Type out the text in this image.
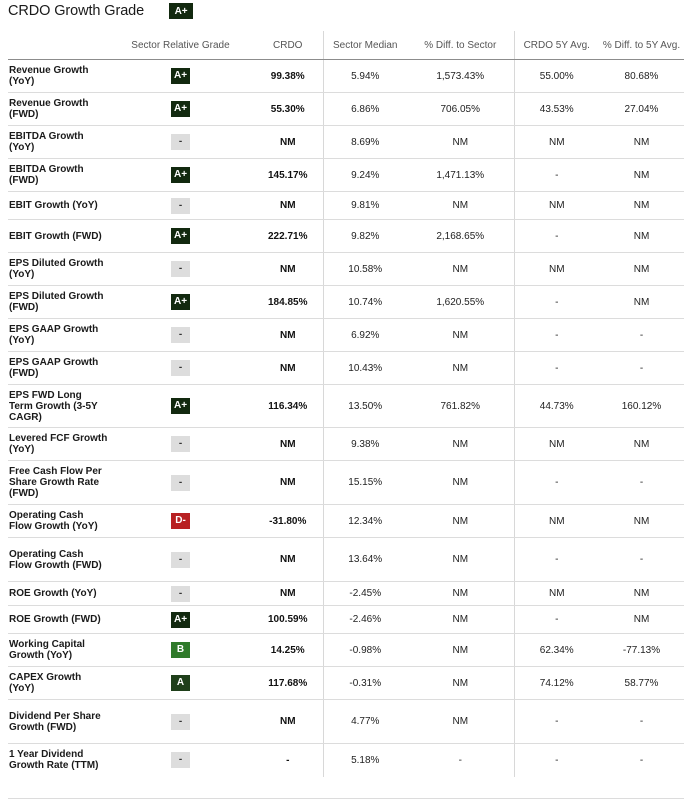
CRDO Growth Grade	A+
	Sector Relative Grade	CRDO	Sector Median	% Diff. to Sector	CRDO 5Y Avg.	% Diff. to 5Y Avg.
Revenue Growth (YoY)	A+	99.38%	5.94%	1,573.43%	55.00%	80.68%
Revenue Growth (FWD)	A+	55.30%	6.86%	706.05%	43.53%	27.04%
EBITDA Growth (YoY)	-	NM	8.69%	NM	NM	NM
EBITDA Growth (FWD)	A+	145.17%	9.24%	1,471.13%	-	NM
EBIT Growth (YoY)	-	NM	9.81%	NM	NM	NM
EBIT Growth (FWD)	A+	222.71%	9.82%	2,168.65%	-	NM
EPS Diluted Growth (YoY)	-	NM	10.58%	NM	NM	NM
EPS Diluted Growth (FWD)	A+	184.85%	10.74%	1,620.55%	-	NM
EPS GAAP Growth (YoY)	-	NM	6.92%	NM	-	-
EPS GAAP Growth (FWD)	-	NM	10.43%	NM	-	-
EPS FWD Long Term Growth (3-5Y CAGR)	A+	116.34%	13.50%	761.82%	44.73%	160.12%
Levered FCF Growth (YoY)	-	NM	9.38%	NM	NM	NM
Free Cash Flow Per Share Growth Rate (FWD)	-	NM	15.15%	NM	-	-
Operating Cash Flow Growth (YoY)	D-	-31.80%	12.34%	NM	NM	NM
Operating Cash Flow Growth (FWD)	-	NM	13.64%	NM	-	-
ROE Growth (YoY)	-	NM	-2.45%	NM	NM	NM
ROE Growth (FWD)	A+	100.59%	-2.46%	NM	-	NM
Working Capital Growth (YoY)	B	14.25%	-0.98%	NM	62.34%	-77.13%
CAPEX Growth (YoY)	A	117.68%	-0.31%	NM	74.12%	58.77%
Dividend Per Share Growth (FWD)	-	NM	4.77%	NM	-	-
1 Year Dividend Growth Rate (TTM)	-	-	5.18%	-	-	-
